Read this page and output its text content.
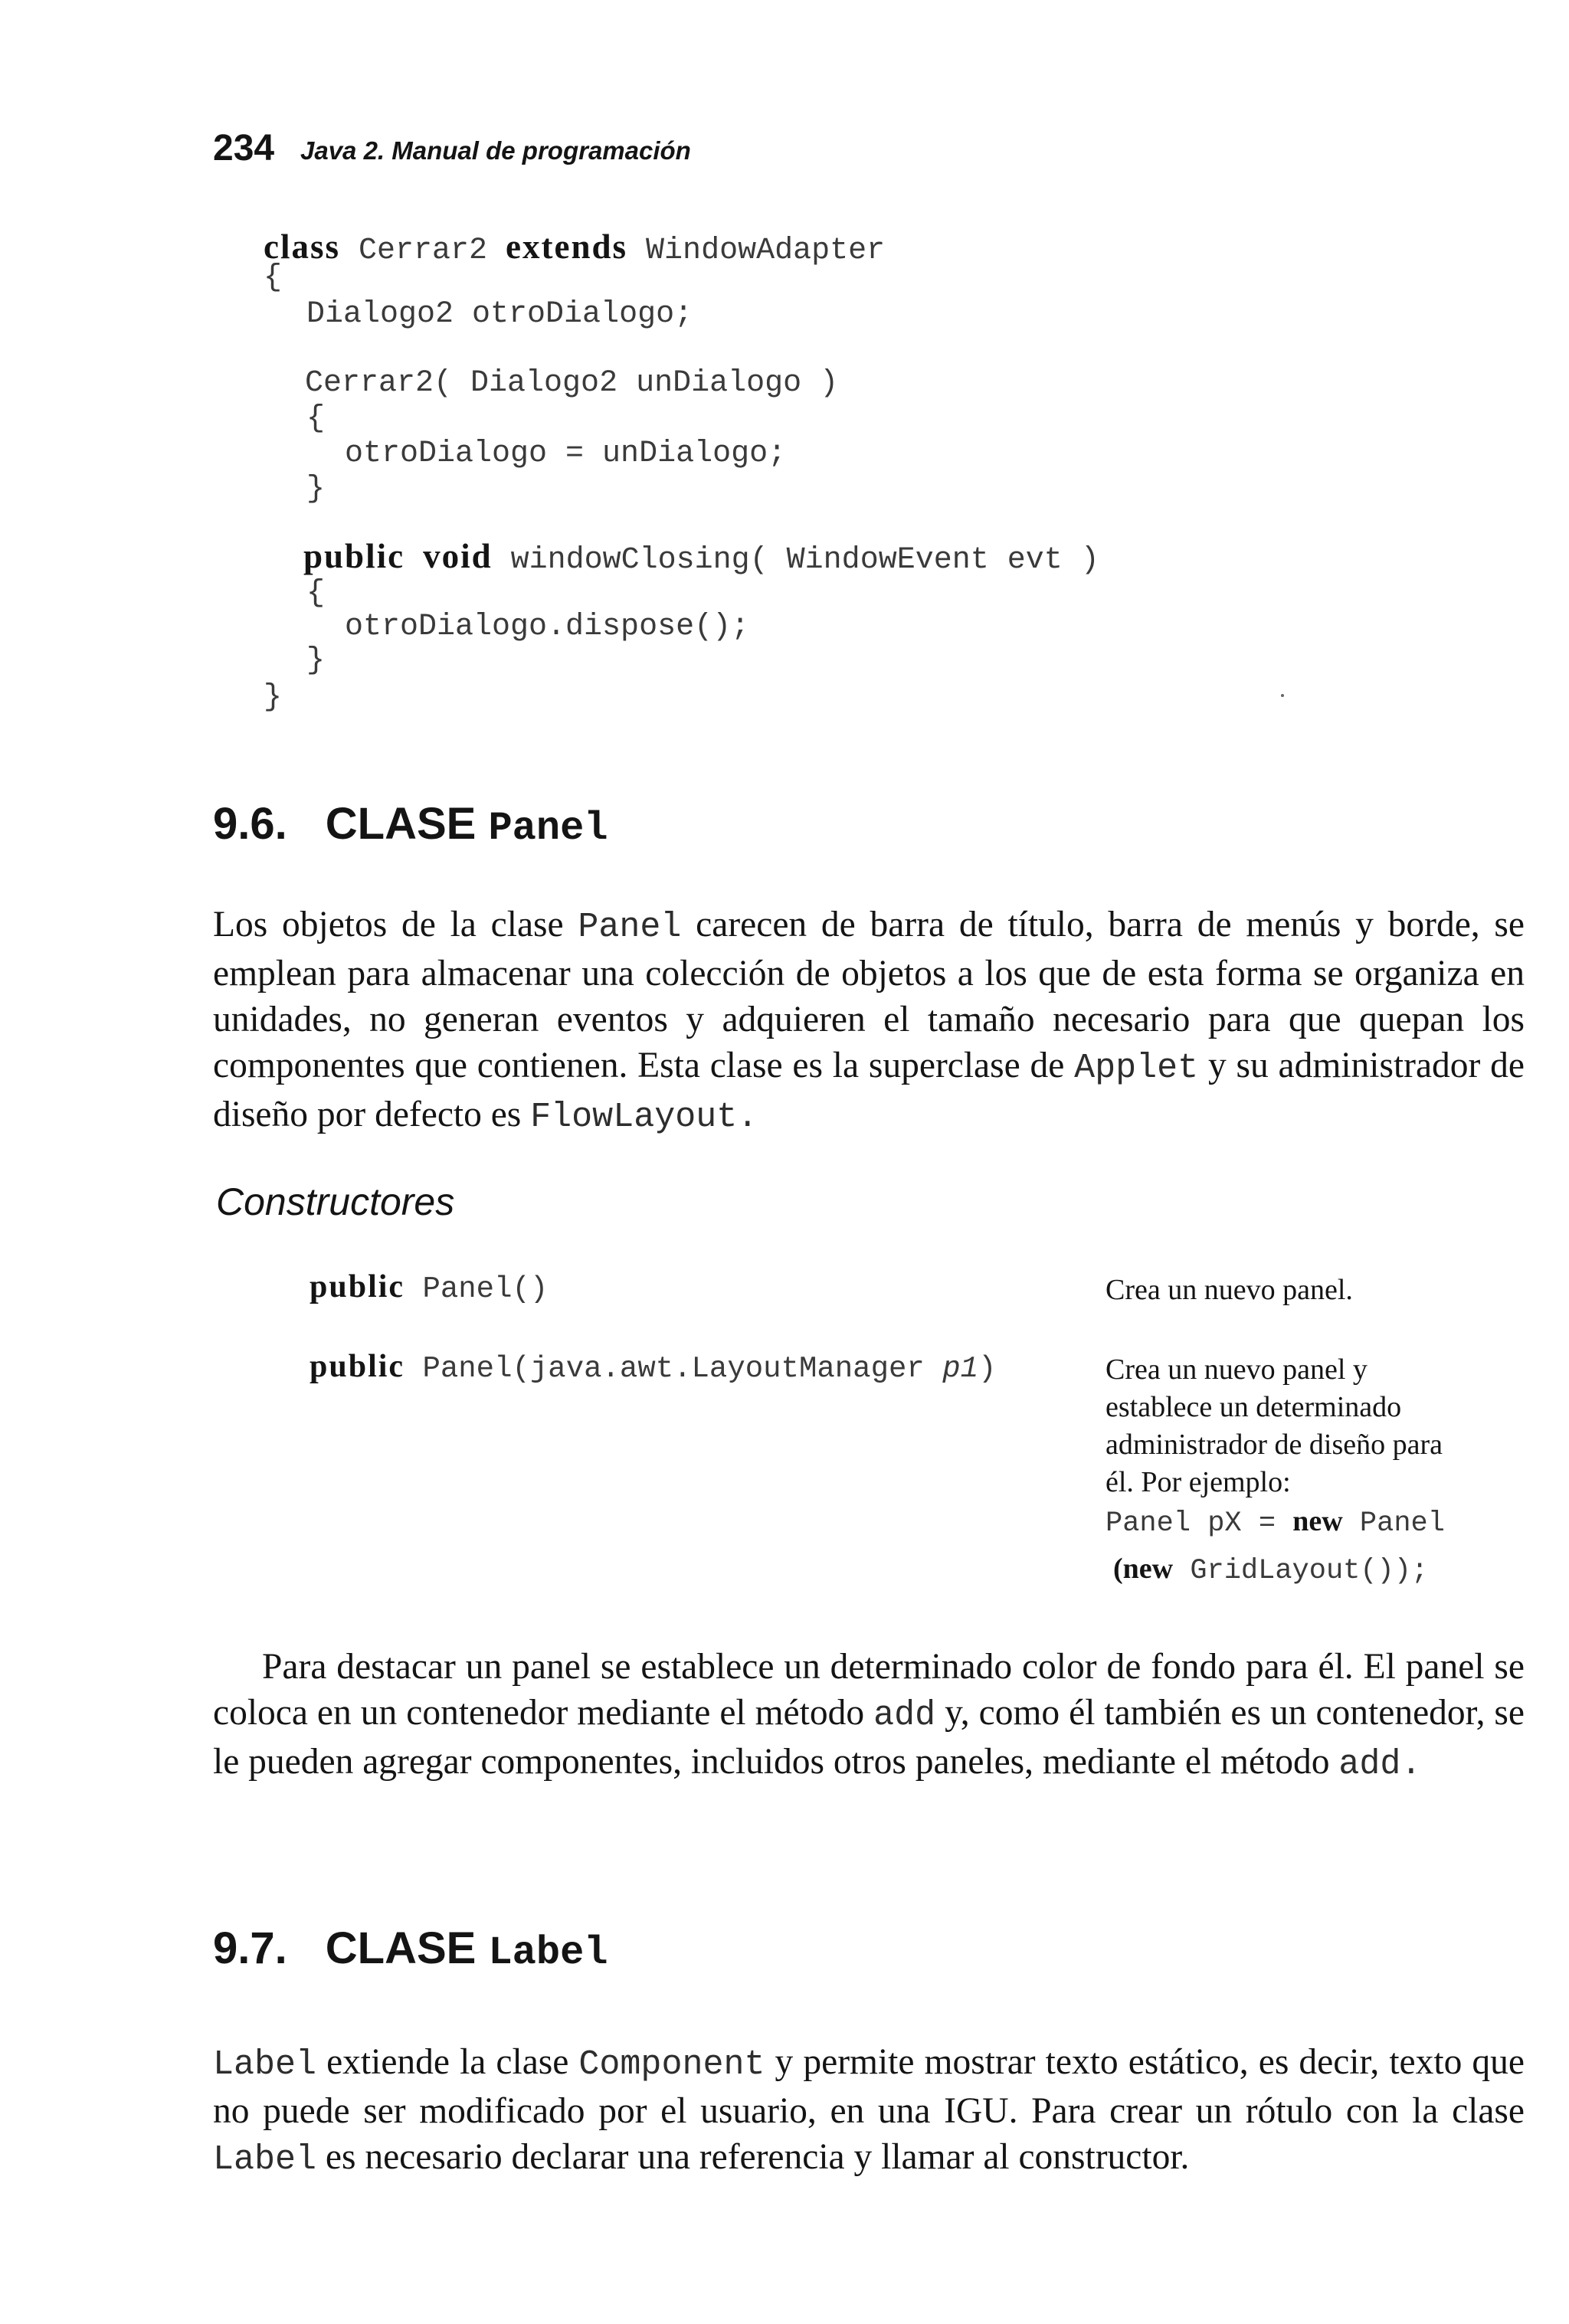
234 Java 2. Manual de programación
class Cerrar2 extends WindowAdapter
{
Dialogo2 otroDialogo;
Cerrar2( Dialogo2 unDialogo )
{
otroDialogo = unDialogo;
}
public void windowClosing( WindowEvent evt )
{
otroDialogo.dispose();
}
}
9.6. CLASE Panel

Los objetos de la clase Panel carecen de barra de título, barra de menús y borde, se emplean para almacenar una colección de objetos a los que de esta forma se organiza en unidades, no generan eventos y adquieren el tamaño necesario para que quepan los componentes que contienen. Esta clase es la superclase de Applet y su administrador de diseño por defecto es FlowLayout.

Constructores
public Panel()	Crea un nuevo panel.
public Panel(java.awt.LayoutManager p1)	Crea un nuevo panel y
establece un determinado
administrador de diseño para
él. Por ejemplo:
Panel pX = new Panel
(new GridLayout());

Para destacar un panel se establece un determinado color de fondo para él. El panel se coloca en un contenedor mediante el método add y, como él también es un contenedor, se le pueden agregar componentes, incluidos otros paneles, mediante el método add.

9.7. CLASE Label

Label extiende la clase Component y permite mostrar texto estático, es decir, texto que no puede ser modificado por el usuario, en una IGU. Para crear un rótulo con la clase Label es necesario declarar una referencia y llamar al constructor.
